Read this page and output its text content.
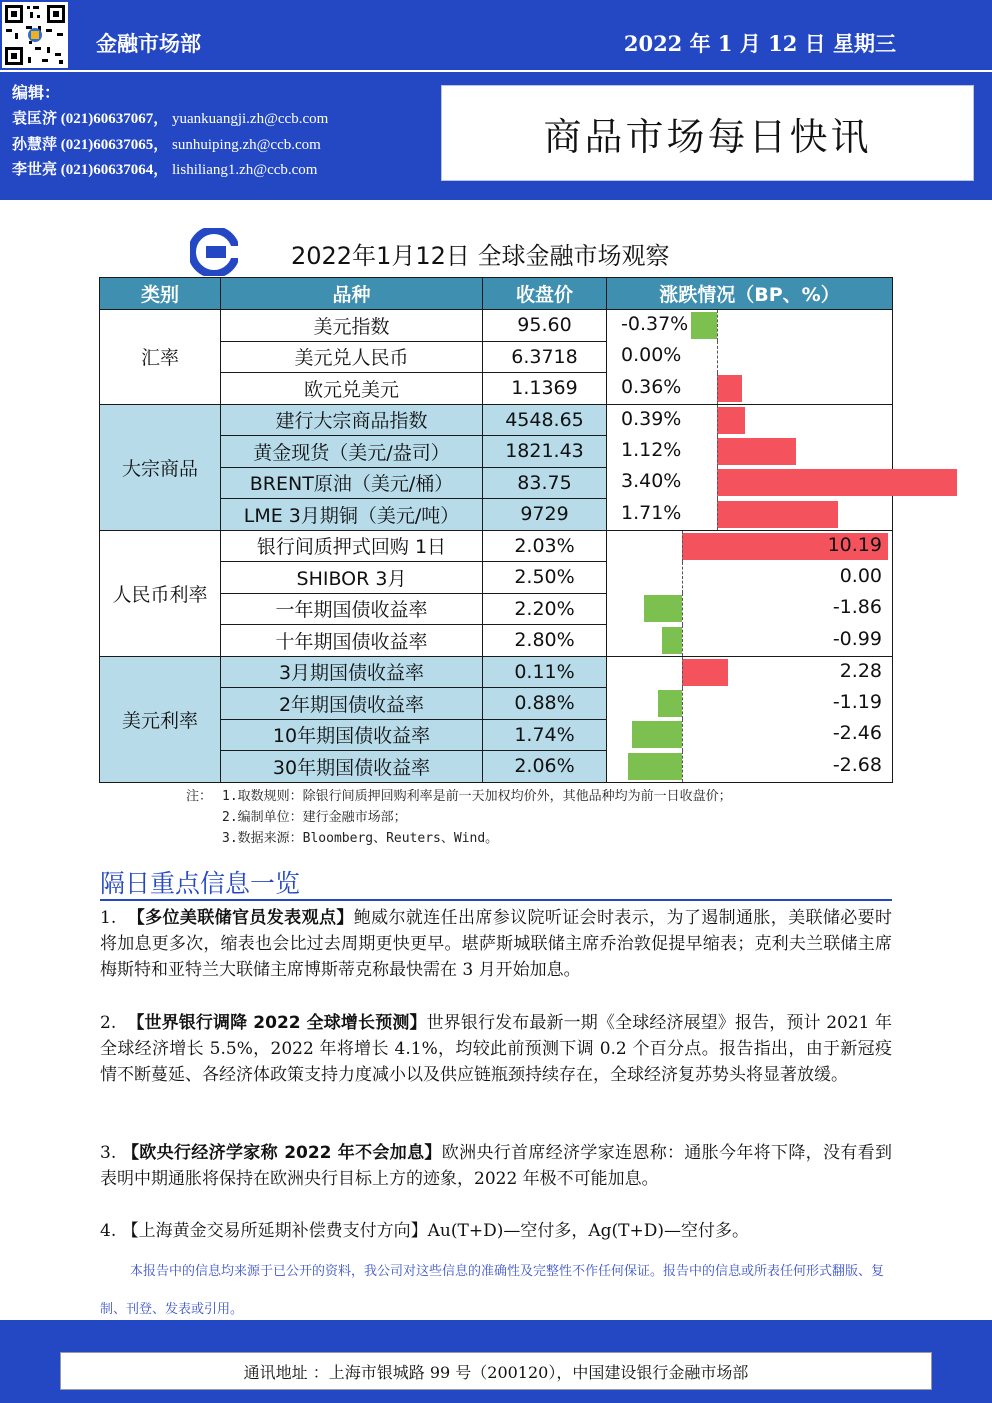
金融市场部	2022 年 1 月 12 日 星期三
编辑：
袁匡济 (021)60637067， yuankuangji.zh@ccb.com
孙慧萍 (021)60637065， sunhuiping.zh@ccb.com
李世亮 (021)60637064， lishiliang1.zh@ccb.com
商品市场每日快讯
2022年1月12日 全球金融市场观察
类别	品种	收盘价	涨跌情况（BP、%）
汇率	美元指数	95.60	-0.37%

	美元兑人民币	6.3718	0.00%

	欧元兑美元	1.1369	0.36%

大宗商品	建行大宗商品指数	4548.65	0.39%

	黄金现货（美元/盎司）	1821.43	1.12%

	BRENT原油（美元/桶）	83.75	3.40%

	LME 3月期铜（美元/吨）	9729	1.71%

人民币利率	银行间质押式回购 1日	2.03%	10.19

	SHIBOR 3月	2.50%	0.00

	一年期国债收益率	2.20%	-1.86

	十年期国债收益率	2.80%	-0.99

美元利率	3月期国债收益率	0.11%	2.28

	2年期国债收益率	0.88%	-1.19

	10年期国债收益率	1.74%	-2.46

	30年期国债收益率	2.06%	-2.68
注： 1.取数规则：除银行间质押回购利率是前一天加权均价外，其他品种均为前一日收盘价；
2.编制单位：建行金融市场部；
3.数据来源：Bloomberg、Reuters、Wind。
隔日重点信息一览
1. 【多位美联储官员发表观点】鲍威尔就连任出席参议院听证会时表示，为了遏制通胀，美联储必要时将加息更多次，缩表也会比过去周期更快更早。堪萨斯城联储主席乔治敦促提早缩表；克利夫兰联储主席梅斯特和亚特兰大联储主席博斯蒂克称最快需在 3 月开始加息。
2. 【世界银行调降 2022 全球增长预测】世界银行发布最新一期《全球经济展望》报告，预计 2021 年全球经济增长 5.5%，2022 年将增长 4.1%，均较此前预测下调 0.2 个百分点。报告指出，由于新冠疫情不断蔓延、各经济体政策支持力度减小以及供应链瓶颈持续存在，全球经济复苏势头将显著放缓。
3. 【欧央行经济学家称 2022 年不会加息】欧洲央行首席经济学家连恩称：通胀今年将下降，没有看到表明中期通胀将保持在欧洲央行目标上方的迹象，2022 年极不可能加息。
4. 【上海黄金交易所延期补偿费支付方向】Au(T+D)—空付多，Ag(T+D)—空付多。
本报告中的信息均来源于已公开的资料，我公司对这些信息的准确性及完整性不作任何保证。报告中的信息或所表任何形式翻版、复制、刊登、发表或引用。
通讯地址 ：上海市银城路 99 号（200120），中国建设银行金融市场部
